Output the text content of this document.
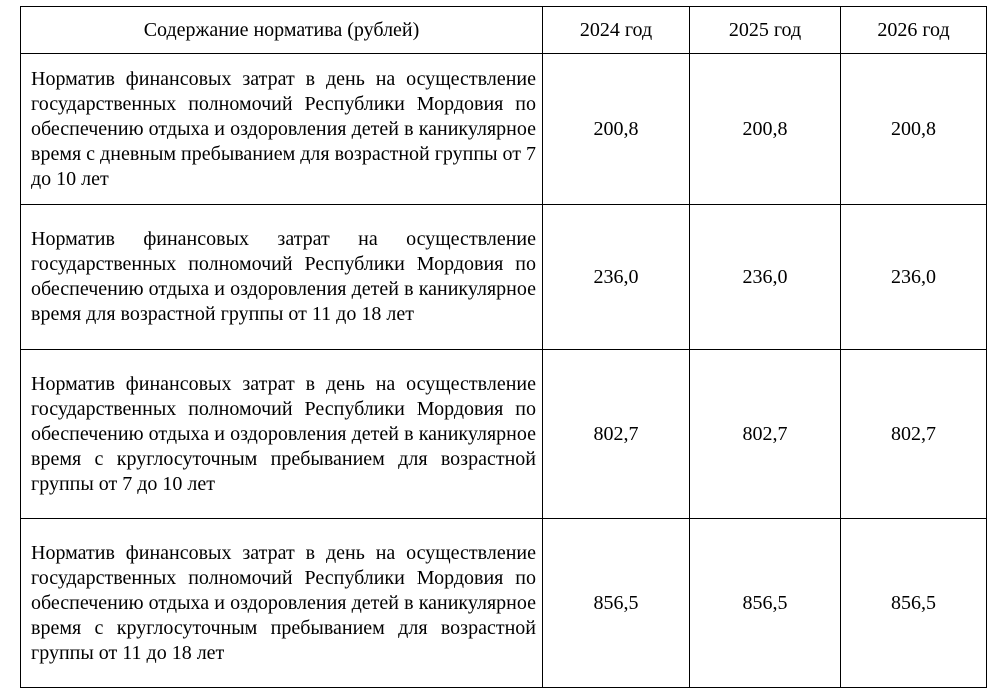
Содержание норматива (рублей)	2024 год	2025 год	2026 год
Норматив финансовых затрат в день на осуществление государственных полномочий Республики Мордовия по обеспечению отдыха и оздоровления детей в каникулярное время с дневным пребыванием для возрастной группы от 7 до 10 лет	200,8	200,8	200,8
Норматив финансовых затрат на осуществление государственных полномочий Республики Мордовия по обеспечению отдыха и оздоровления детей в каникулярное время для возрастной группы от 11 до 18 лет	236,0	236,0	236,0
Норматив финансовых затрат в день на осуществление государственных полномочий Республики Мордовия по обеспечению отдыха и оздоровления детей в каникулярное время с круглосуточным пребыванием для возрастной группы от 7 до 10 лет	802,7	802,7	802,7
Норматив финансовых затрат в день на осуществление государственных полномочий Республики Мордовия по обеспечению отдыха и оздоровления детей в каникулярное время с круглосуточным пребыванием для возрастной группы от 11 до 18 лет	856,5	856,5	856,5
